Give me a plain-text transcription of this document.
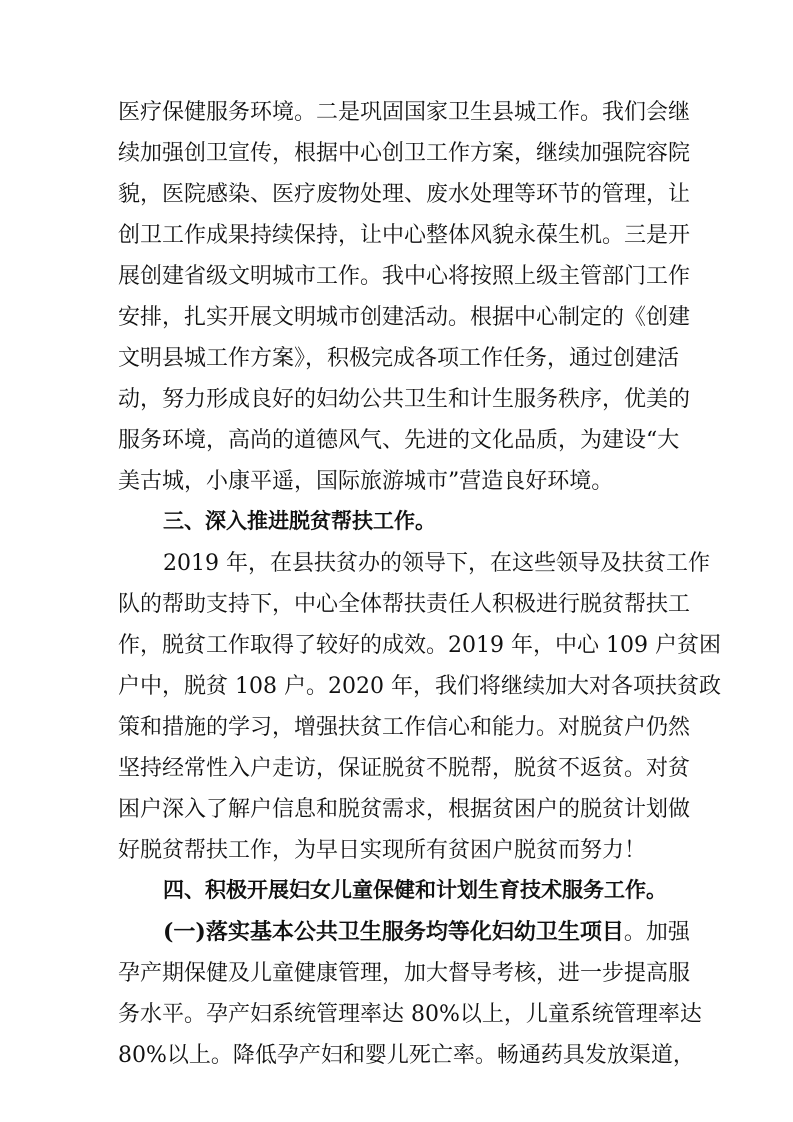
医疗保健服务环境。二是巩固国家卫生县城工作。我们会继
续加强创卫宣传，根据中心创卫工作方案，继续加强院容院
貌，医院感染、医疗废物处理、废水处理等环节的管理，让
创卫工作成果持续保持，让中心整体风貌永葆生机。三是开
展创建省级文明城市工作。我中心将按照上级主管部门工作
安排，扎实开展文明城市创建活动。根据中心制定的《创建
文明县城工作方案》，积极完成各项工作任务，通过创建活
动，努力形成良好的妇幼公共卫生和计生服务秩序，优美的
服务环境，高尚的道德风气、先进的文化品质，为建设“大
美古城，小康平遥，国际旅游城市”营造良好环境。
三、深入推进脱贫帮扶工作。
2019 年，在县扶贫办的领导下，在这些领导及扶贫工作
队的帮助支持下，中心全体帮扶责任人积极进行脱贫帮扶工
作，脱贫工作取得了较好的成效。2019 年，中心 109 户贫困
户中，脱贫 108 户。2020 年，我们将继续加大对各项扶贫政
策和措施的学习，增强扶贫工作信心和能力。对脱贫户仍然
坚持经常性入户走访，保证脱贫不脱帮，脱贫不返贫。对贫
困户深入了解户信息和脱贫需求，根据贫困户的脱贫计划做
好脱贫帮扶工作，为早日实现所有贫困户脱贫而努力！
四、积极开展妇女儿童保健和计划生育技术服务工作。
(一)落实基本公共卫生服务均等化妇幼卫生项目。加强
孕产期保健及儿童健康管理，加大督导考核，进一步提高服
务水平。孕产妇系统管理率达 80%以上，儿童系统管理率达
80%以上。降低孕产妇和婴儿死亡率。畅通药具发放渠道，
